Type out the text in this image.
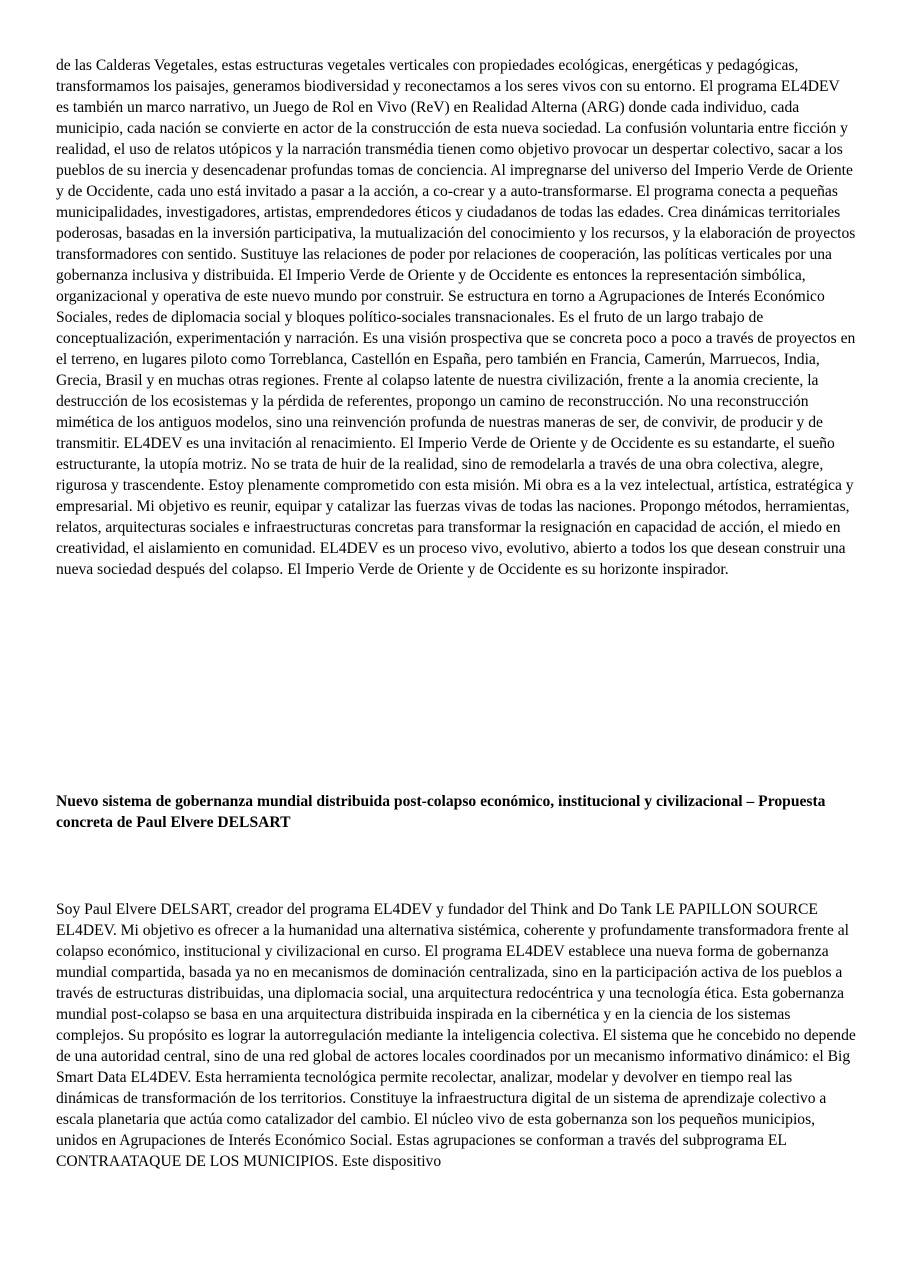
de las Calderas Vegetales, estas estructuras vegetales verticales con propiedades ecológicas, energéticas y pedagógicas, transformamos los paisajes, generamos biodiversidad y reconectamos a los seres vivos con su entorno. El programa EL4DEV es también un marco narrativo, un Juego de Rol en Vivo (ReV) en Realidad Alterna (ARG) donde cada individuo, cada municipio, cada nación se convierte en actor de la construcción de esta nueva sociedad. La confusión voluntaria entre ficción y realidad, el uso de relatos utópicos y la narración transmédia tienen como objetivo provocar un despertar colectivo, sacar a los pueblos de su inercia y desencadenar profundas tomas de conciencia. Al impregnarse del universo del Imperio Verde de Oriente y de Occidente, cada uno está invitado a pasar a la acción, a co-crear y a auto-transformarse. El programa conecta a pequeñas municipalidades, investigadores, artistas, emprendedores éticos y ciudadanos de todas las edades. Crea dinámicas territoriales poderosas, basadas en la inversión participativa, la mutualización del conocimiento y los recursos, y la elaboración de proyectos transformadores con sentido. Sustituye las relaciones de poder por relaciones de cooperación, las políticas verticales por una gobernanza inclusiva y distribuida. El Imperio Verde de Oriente y de Occidente es entonces la representación simbólica, organizacional y operativa de este nuevo mundo por construir. Se estructura en torno a Agrupaciones de Interés Económico Sociales, redes de diplomacia social y bloques político-sociales transnacionales. Es el fruto de un largo trabajo de conceptualización, experimentación y narración. Es una visión prospectiva que se concreta poco a poco a través de proyectos en el terreno, en lugares piloto como Torreblanca, Castellón en España, pero también en Francia, Camerún, Marruecos, India, Grecia, Brasil y en muchas otras regiones. Frente al colapso latente de nuestra civilización, frente a la anomia creciente, la destrucción de los ecosistemas y la pérdida de referentes, propongo un camino de reconstrucción. No una reconstrucción mimética de los antiguos modelos, sino una reinvención profunda de nuestras maneras de ser, de convivir, de producir y de transmitir. EL4DEV es una invitación al renacimiento. El Imperio Verde de Oriente y de Occidente es su estandarte, el sueño estructurante, la utopía motriz. No se trata de huir de la realidad, sino de remodelarla a través de una obra colectiva, alegre, rigurosa y trascendente. Estoy plenamente comprometido con esta misión. Mi obra es a la vez intelectual, artística, estratégica y empresarial. Mi objetivo es reunir, equipar y catalizar las fuerzas vivas de todas las naciones. Propongo métodos, herramientas, relatos, arquitecturas sociales e infraestructuras concretas para transformar la resignación en capacidad de acción, el miedo en creatividad, el aislamiento en comunidad. EL4DEV es un proceso vivo, evolutivo, abierto a todos los que desean construir una nueva sociedad después del colapso. El Imperio Verde de Oriente y de Occidente es su horizonte inspirador.

Nuevo sistema de gobernanza mundial distribuida post-colapso económico, institucional y civilizacional – Propuesta concreta de Paul Elvere DELSART

Soy Paul Elvere DELSART, creador del programa EL4DEV y fundador del Think and Do Tank LE PAPILLON SOURCE EL4DEV. Mi objetivo es ofrecer a la humanidad una alternativa sistémica, coherente y profundamente transformadora frente al colapso económico, institucional y civilizacional en curso. El programa EL4DEV establece una nueva forma de gobernanza mundial compartida, basada ya no en mecanismos de dominación centralizada, sino en la participación activa de los pueblos a través de estructuras distribuidas, una diplomacia social, una arquitectura redocéntrica y una tecnología ética. Esta gobernanza mundial post-colapso se basa en una arquitectura distribuida inspirada en la cibernética y en la ciencia de los sistemas complejos. Su propósito es lograr la autorregulación mediante la inteligencia colectiva. El sistema que he concebido no depende de una autoridad central, sino de una red global de actores locales coordinados por un mecanismo informativo dinámico: el Big Smart Data EL4DEV. Esta herramienta tecnológica permite recolectar, analizar, modelar y devolver en tiempo real las dinámicas de transformación de los territorios. Constituye la infraestructura digital de un sistema de aprendizaje colectivo a escala planetaria que actúa como catalizador del cambio. El núcleo vivo de esta gobernanza son los pequeños municipios, unidos en Agrupaciones de Interés Económico Social. Estas agrupaciones se conforman a través del subprograma EL CONTRAATAQUE DE LOS MUNICIPIOS. Este dispositivo
